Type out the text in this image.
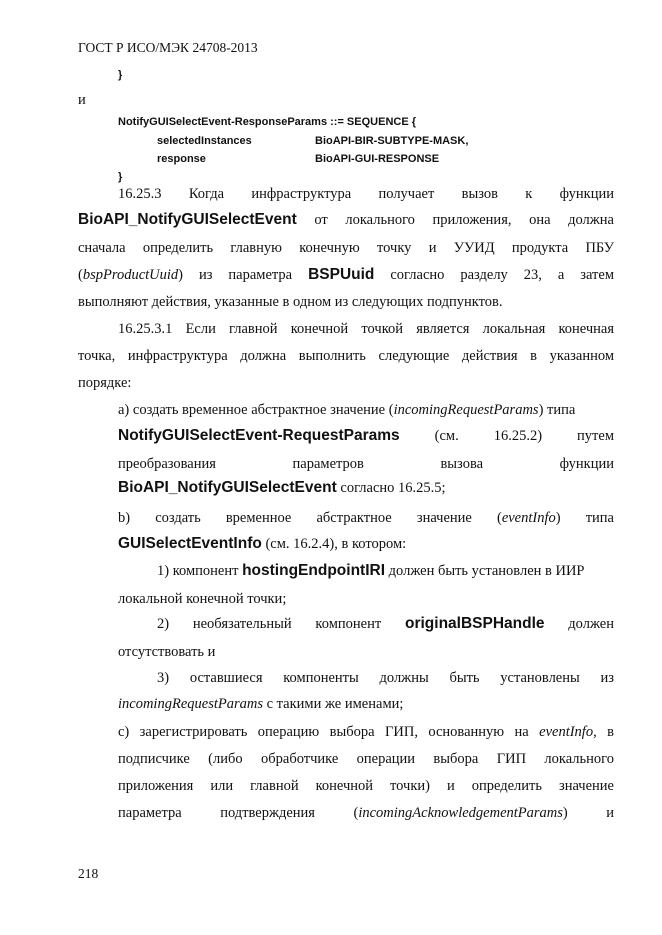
ГОСТ Р ИСО/МЭК 24708-2013
}
и
NotifyGUISelectEvent-ResponseParams ::= SEQUENCE {
selectedInstances	BioAPI-BIR-SUBTYPE-MASK,
response	BioAPI-GUI-RESPONSE
}
16.25.3 Когда инфраструктура получает вызов к функции
BioAPI_NotifyGUISelectEvent от локального приложения, она должна
сначала определить главную конечную точку и УУИД продукта ПБУ
(bspProductUuid) из параметра BSPUuid согласно разделу 23, а затем
выполняют действия, указанные в одном из следующих подпунктов.
16.25.3.1 Если главной конечной точкой является локальная конечная
точка, инфраструктура должна выполнить следующие действия в указанном
порядке:
a) создать временное абстрактное значение (incomingRequestParams) типа
NotifyGUISelectEvent-RequestParams (см. 16.25.2) путем
преобразования параметров вызова функции
BioAPI_NotifyGUISelectEvent согласно 16.25.5;
b) создать временное абстрактное значение (eventInfo) типа
GUISelectEventInfo (см. 16.2.4), в котором:
1) компонент hostingEndpointIRI должен быть установлен в ИИР
локальной конечной точки;
2) необязательный компонент originalBSPHandle должен
отсутствовать и
3) оставшиеся компоненты должны быть установлены из
incomingRequestParams с такими же именами;
c) зарегистрировать операцию выбора ГИП, основанную на eventInfo, в
подписчике (либо обработчике операции выбора ГИП локального
приложения или главной конечной точки) и определить значение
параметра подтверждения (incomingAcknowledgementParams) и
218
